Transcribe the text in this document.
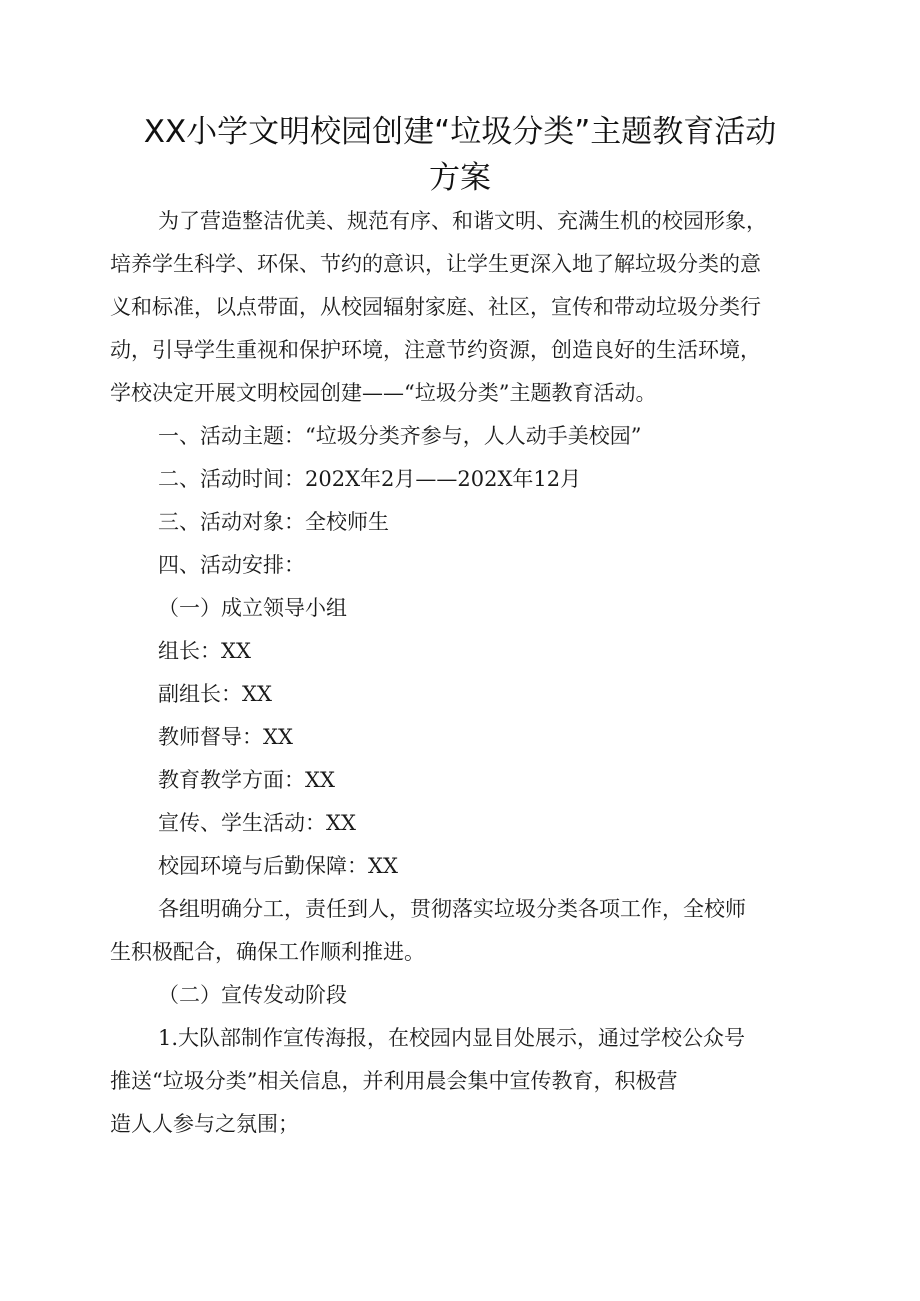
XX小学文明校园创建“垃圾分类”主题教育活动
方案

为了营造整洁优美、规范有序、和谐文明、充满生机的校园形象，

培养学生科学、环保、节约的意识，让学生更深入地了解垃圾分类的意

义和标准，以点带面，从校园辐射家庭、社区，宣传和带动垃圾分类行

动，引导学生重视和保护环境，注意节约资源，创造良好的生活环境，

学校决定开展文明校园创建——“垃圾分类”主题教育活动。

一、活动主题：“垃圾分类齐参与，人人动手美校园”

二、活动时间：202X年2月——202X年12月

三、活动对象：全校师生

四、活动安排：

（一）成立领导小组

组长：XX

副组长：XX

教师督导：XX

教育教学方面：XX

宣传、学生活动：XX

校园环境与后勤保障：XX

各组明确分工，责任到人，贯彻落实垃圾分类各项工作，全校师

生积极配合，确保工作顺利推进。

（二）宣传发动阶段

1.大队部制作宣传海报，在校园内显目处展示，通过学校公众号

推送“垃圾分类”相关信息，并利用晨会集中宣传教育，积极营

造人人参与之氛围；
